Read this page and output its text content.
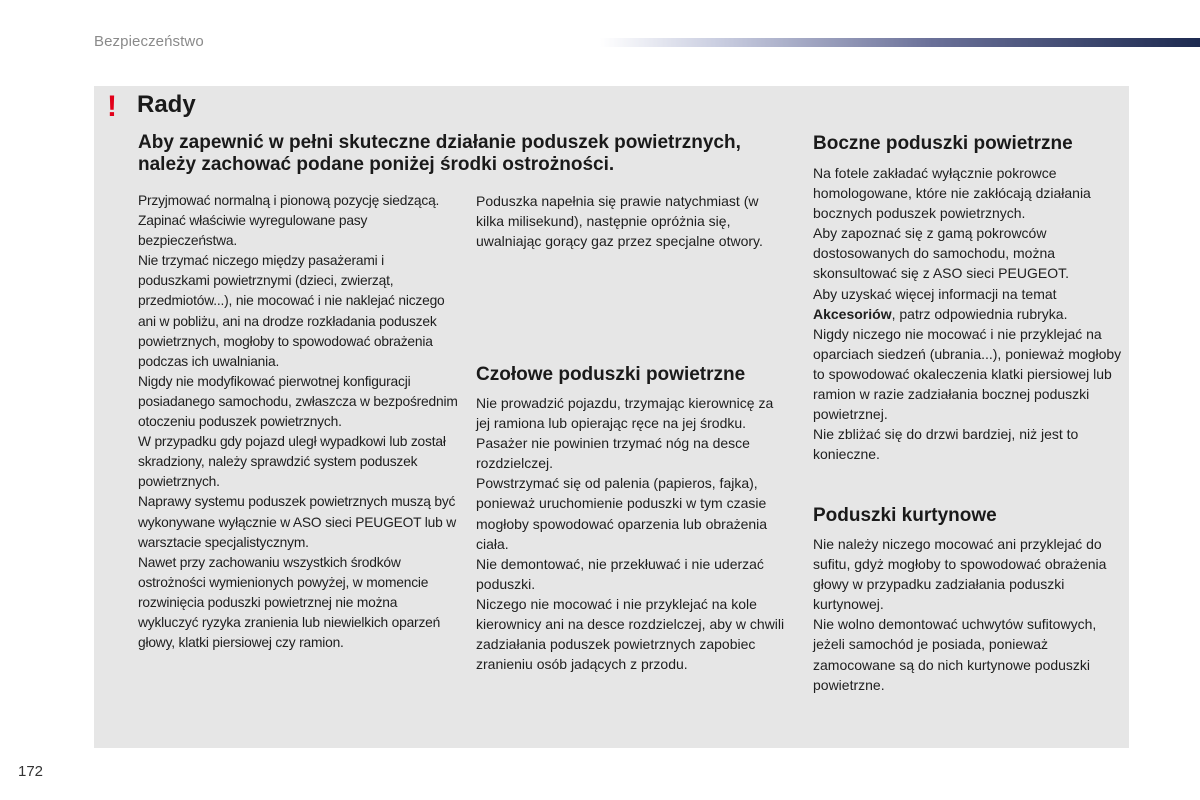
Bezpieczeństwo
! Rady
Aby zapewnić w pełni skuteczne działanie poduszek powietrznych, należy zachować podane poniżej środki ostrożności.

Przyjmować normalną i pionową pozycję siedzącą.

Zapinać właściwie wyregulowane pasy bezpieczeństwa.

Nie trzymać niczego między pasażerami i poduszkami powietrznymi (dzieci, zwierząt, przedmiotów...), nie mocować i nie naklejać niczego ani w pobliżu, ani na drodze rozkładania poduszek powietrznych, mogłoby to spowodować obrażenia podczas ich uwalniania.

Nigdy nie modyfikować pierwotnej konfiguracji posiadanego samochodu, zwłaszcza w bezpośrednim otoczeniu poduszek powietrznych.

W przypadku gdy pojazd uległ wypadkowi lub został skradziony, należy sprawdzić system poduszek powietrznych.

Naprawy systemu poduszek powietrznych muszą być wykonywane wyłącznie w ASO sieci PEUGEOT lub w warsztacie specjalistycznym.

Nawet przy zachowaniu wszystkich środków ostrożności wymienionych powyżej, w momencie rozwinięcia poduszki powietrznej nie można wykluczyć ryzyka zranienia lub niewielkich oparzeń głowy, klatki piersiowej czy ramion.

Poduszka napełnia się prawie natychmiast (w kilka milisekund), następnie opróżnia się, uwalniając gorący gaz przez specjalne otwory.

Czołowe poduszki powietrzne

Nie prowadzić pojazdu, trzymając kierownicę za jej ramiona lub opierając ręce na jej środku.

Pasażer nie powinien trzymać nóg na desce rozdzielczej.

Powstrzymać się od palenia (papieros, fajka), ponieważ uruchomienie poduszki w tym czasie mogłoby spowodować oparzenia lub obrażenia ciała.

Nie demontować, nie przekłuwać i nie uderzać poduszki.

Niczego nie mocować i nie przyklejać na kole kierownicy ani na desce rozdzielczej, aby w chwili zadziałania poduszek powietrznych zapobiec zranieniu osób jadących z przodu.

Boczne poduszki powietrzne

Na fotele zakładać wyłącznie pokrowce homologowane, które nie zakłócają działania bocznych poduszek powietrznych.

Aby zapoznać się z gamą pokrowców dostosowanych do samochodu, można skonsultować się z ASO sieci PEUGEOT.

Aby uzyskać więcej informacji na temat Akcesoriów, patrz odpowiednia rubryka.

Nigdy niczego nie mocować i nie przyklejać na oparciach siedzeń (ubrania...), ponieważ mogłoby to spowodować okaleczenia klatki piersiowej lub ramion w razie zadziałania bocznej poduszki powietrznej.

Nie zbliżać się do drzwi bardziej, niż jest to konieczne.

Poduszki kurtynowe

Nie należy niczego mocować ani przyklejać do sufitu, gdyż mogłoby to spowodować obrażenia głowy w przypadku zadziałania poduszki kurtynowej.

Nie wolno demontować uchwytów sufitowych, jeżeli samochód je posiada, ponieważ zamocowane są do nich kurtynowe poduszki powietrzne.

172
